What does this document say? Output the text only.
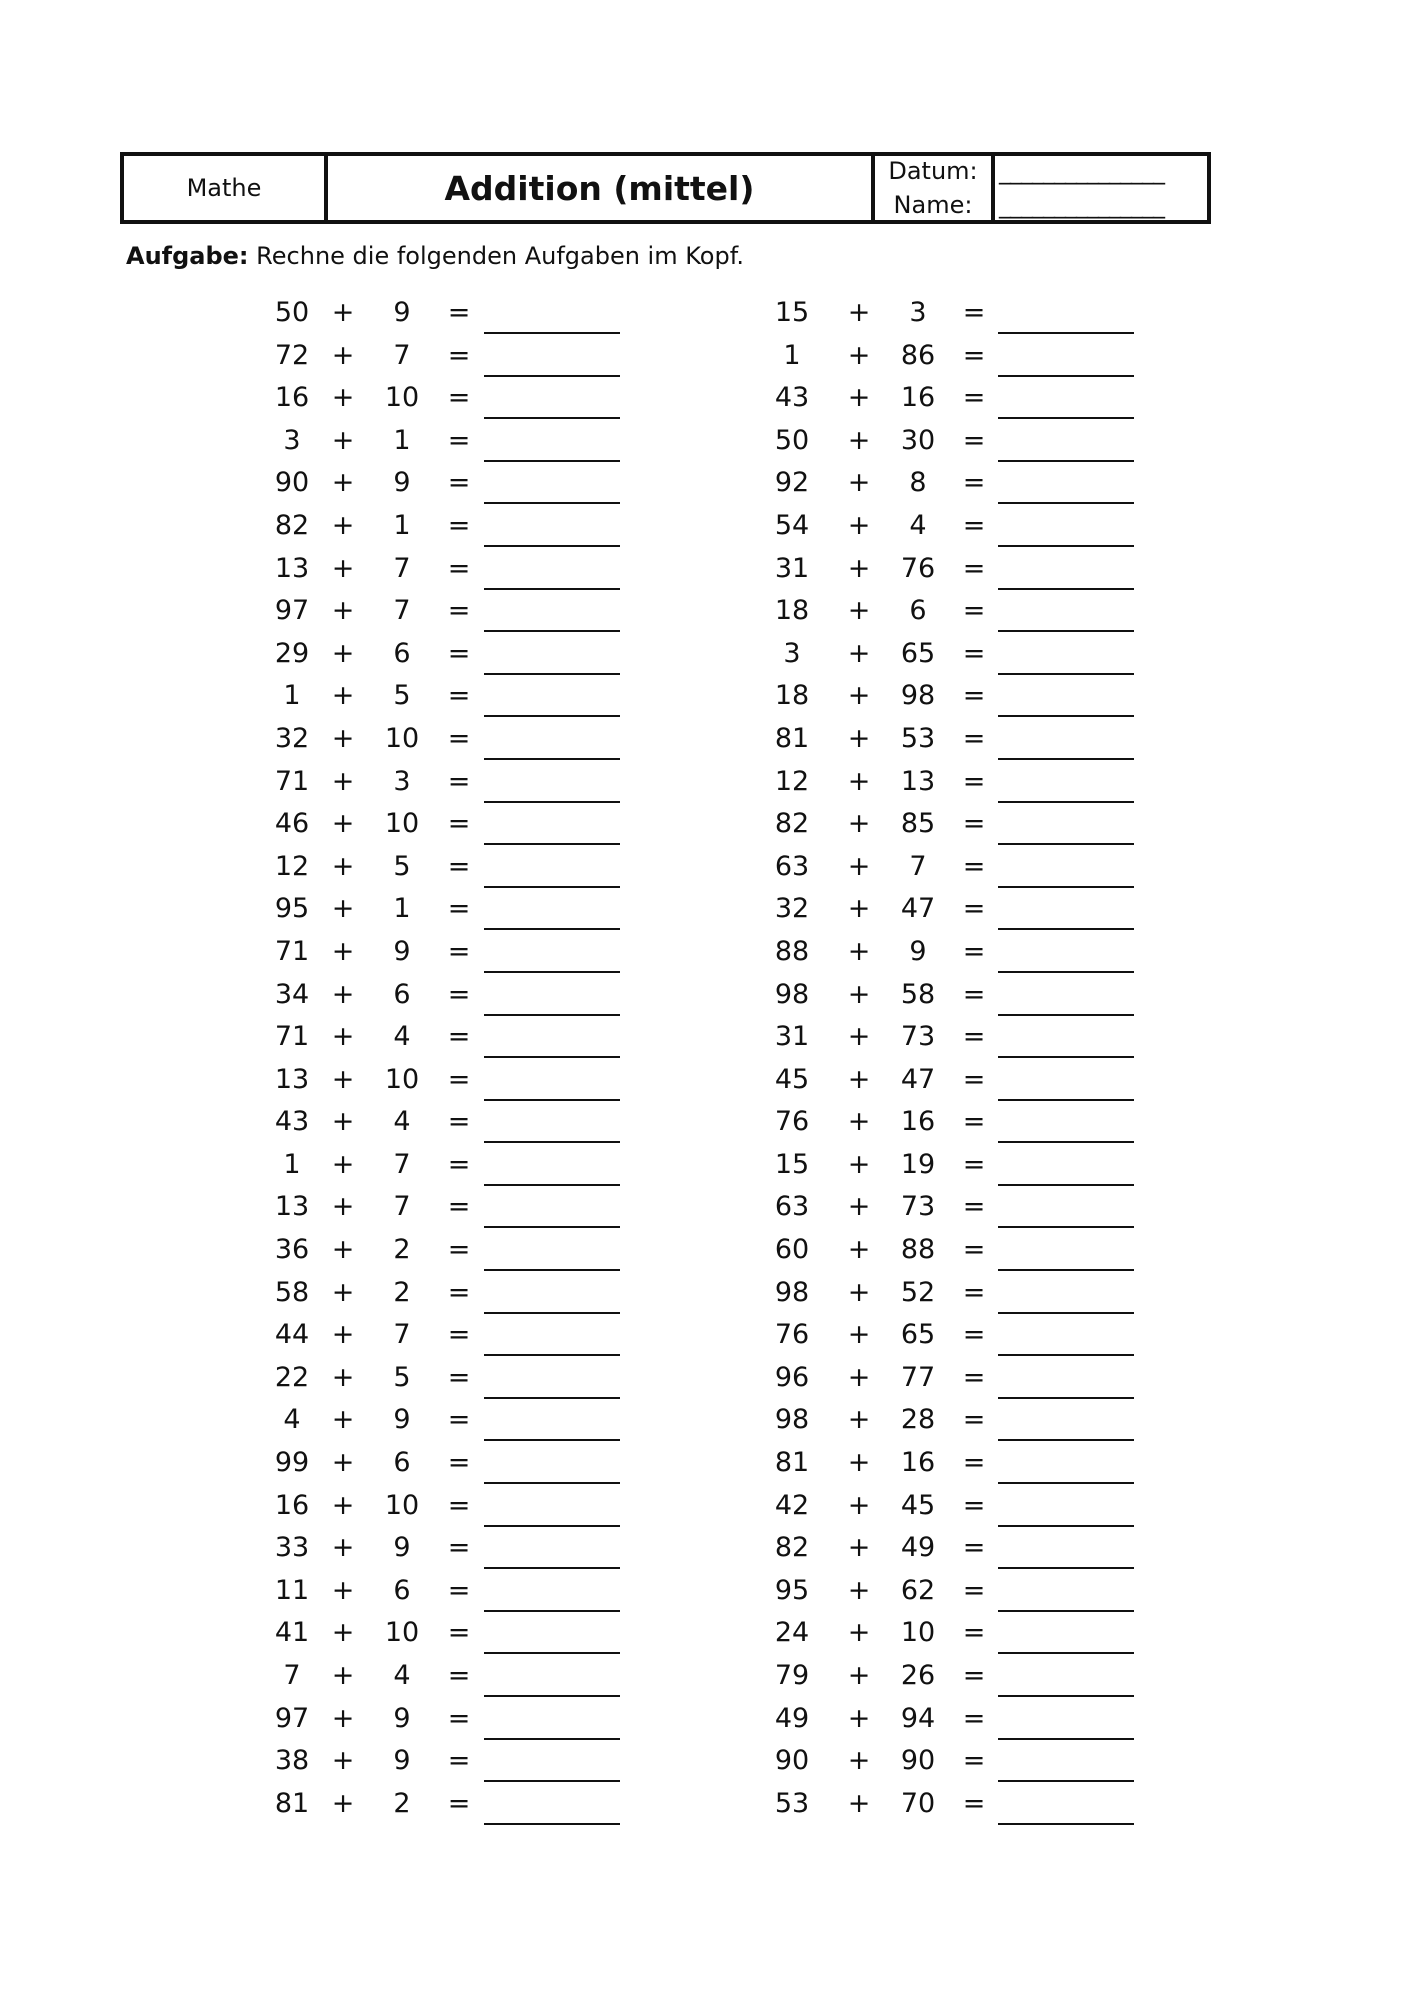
Mathe	Addition (mittel)	Datum:
Name:
_______________
_______________
Aufgabe: Rechne die folgenden Aufgaben im Kopf.
50 +	9	=
72 +	7	=
16 +	10	=
3	+	1	=
90 +	9	=
82 +	1	=
13 +	7	=
97 +	7	=
29 +	6	=
1	+	5	=
32 +	10	=
71 +	3	=
46 +	10	=
12 +	5	=
95 +	1	=
71 +	9	=
34 +	6	=
71 +	4	=
13 +	10	=
43 +	4	=
1	+	7	=
13 +	7	=
36 +	2	=
58 +	2	=
44 +	7	=
22 +	5	=
4	+	9	=
99 +	6	=
16 +	10	=
33 +	9	=
11 +	6	=
41 +	10	=
7	+	4	=
97 +	9	=
38 +	9	=
81 +	2	=
15	+	3	=
1	+	86	=
43	+	16	=
50	+	30	=
92	+	8	=
54	+	4	=
31	+	76	=
18	+	6	=
3	+	65	=
18	+	98	=
81	+	53	=
12	+	13	=
82	+	85	=
63	+	7	=
32	+	47	=
88	+	9	=
98	+	58	=
31	+	73	=
45	+	47	=
76	+	16	=
15	+	19	=
63	+	73	=
60	+	88	=
98	+	52	=
76	+	65	=
96	+	77	=
98	+	28	=
81	+	16	=
42	+	45	=
82	+	49	=
95	+	62	=
24	+	10	=
79	+	26	=
49	+	94	=
90	+	90	=
53	+	70	=
